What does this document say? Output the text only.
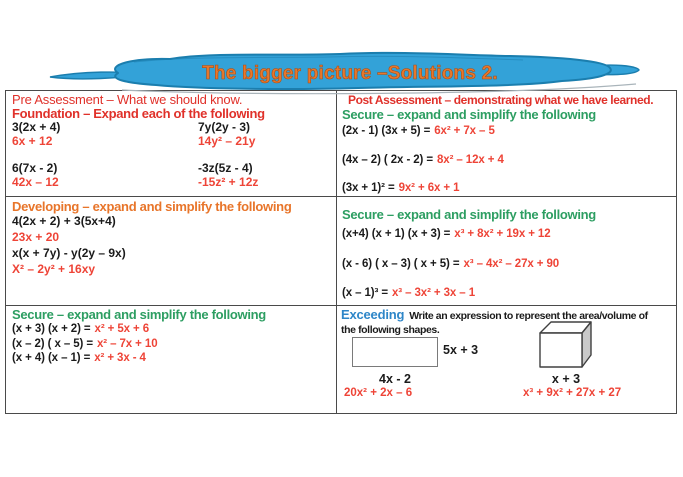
The bigger picture –Solutions 2.
Pre Assessment – What we should know.
Foundation – Expand each of the following
3(2x + 4)
6x + 12
7y(2y - 3)
14y² – 21y
6(7x - 2)
42x – 12
-3z(5z - 4)
-15z² + 12z
Post Assessment – demonstrating what we have learned.
Secure – expand and simplify the following
(2x - 1) (3x + 5) = 6x² + 7x – 5
(4x – 2) ( 2x - 2) = 8x² – 12x + 4
(3x + 1)² = 9x² + 6x + 1
Developing – expand and simplify the following
4(2x + 2) + 3(5x+4)
23x + 20
x(x + 7y) - y(2y – 9x)
X² – 2y² + 16xy
Secure – expand and simplify the following
(x+4) (x + 1) (x + 3) = x³ + 8x² + 19x + 12
(x - 6) ( x – 3) ( x + 5) = x³ – 4x² – 27x + 90
(x – 1)³ = x³ – 3x² + 3x – 1
Secure – expand and simplify the following
(x + 3) (x + 2) = x² + 5x + 6
(x – 2) ( x – 5) = x² – 7x + 10
(x + 4) (x – 1) = x² + 3x - 4
Exceeding Write an expression to represent the area/volume of
the following shapes.
5x + 3
4x - 2
20x² + 2x – 6
x + 3
x³ + 9x² + 27x + 27
